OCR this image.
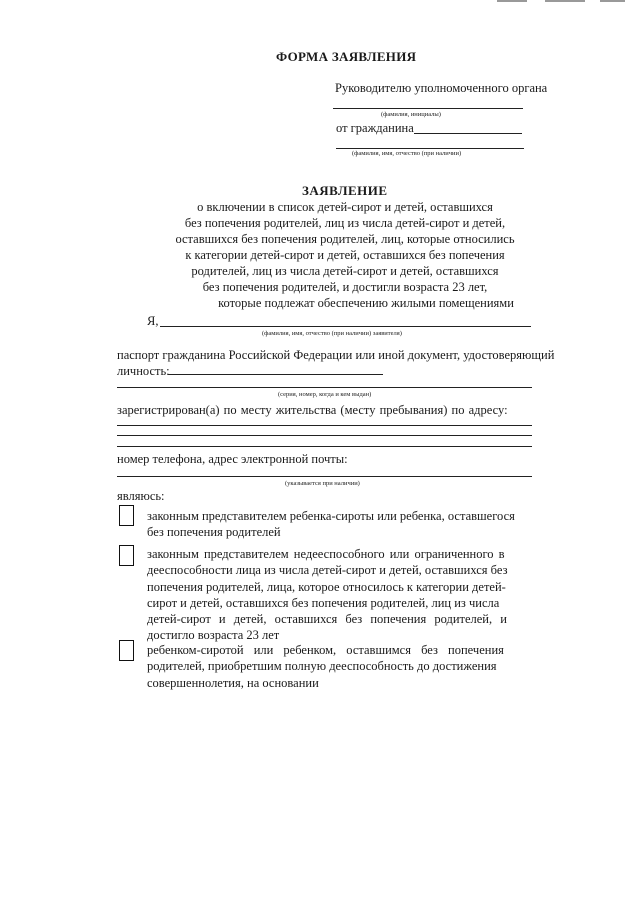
ФОРМА ЗАЯВЛЕНИЯ
Руководителю уполномоченного органа
(фамилия, инициалы)
от гражданина
(фамилия, имя, отчество (при наличии)
ЗАЯВЛЕНИЕ
о включении в список детей-сирот и детей, оставшихся
без попечения родителей, лиц из числа детей-сирот и детей,
оставшихся без попечения родителей, лиц, которые относились
к категории детей-сирот и детей, оставшихся без попечения
родителей, лиц из числа детей-сирот и детей, оставшихся
без попечения родителей, и достигли возраста 23 лет,
которые подлежат обеспечению жилыми помещениями
Я,
(фамилия, имя, отчество (при наличии) заявителя)
паспорт гражданина Российской Федерации или иной документ, удостоверяющий
личность:
(серия, номер, когда и кем выдан)
зарегистрирован(а) по месту жительства (месту пребывания) по адресу:
номер телефона, адрес электронной почты:
(указывается при наличии)
являюсь:
законным представителем ребенка-сироты или ребенка, оставшегося
без попечения родителей
законным представителем недееспособного или ограниченного в
дееспособности лица из числа детей-сирот и детей, оставшихся без
попечения родителей, лица, которое относилось к категории детей-
сирот и детей, оставшихся без попечения родителей, лиц из числа
детей-сирот и детей, оставшихся без попечения родителей, и
достигло возраста 23 лет
ребенком-сиротой или ребенком, оставшимся без попечения
родителей, приобретшим полную дееспособность до достижения
совершеннолетия, на основании
